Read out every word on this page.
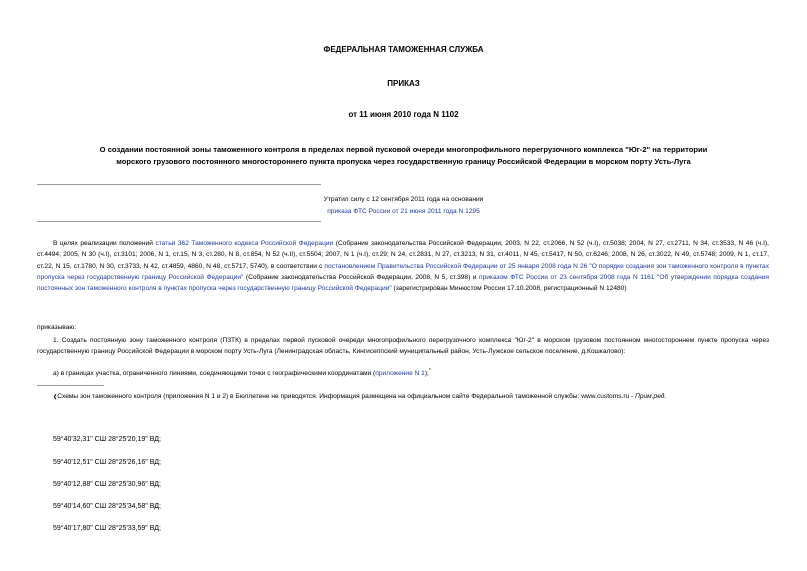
ФЕДЕРАЛЬНАЯ ТАМОЖЕННАЯ СЛУЖБА
ПРИКАЗ
от 11 июня 2010 года N 1102
О создании постоянной зоны таможенного контроля в пределах первой пусковой очереди многопрофильного перегрузочного комплекса "Юг-2" на территории
морского грузового постоянного многостороннего пункта пропуска через государственную границу Российской Федерации в морском порту Усть-Луга
Утратил силу с 12 сентября 2011 года на основании
приказа ФТС России от 21 июня 2011 года N 1295
В целях реализации положений статьи 362 Таможенного кодекса Российской Федерации (Собрание законодательства Российской Федерации, 2003, N 22, ст.2066, N 52 (ч.I), ст.5038; 2004, N 27, ст.2711, N 34, ст.3533, N 46 (ч.I), ст.4494; 2005, N 30 (ч.I), ст.3101; 2006, N 1, ст.15, N 3, ст.280, N 8, ст.854, N 52 (ч.II), ст.5504; 2007, N 1 (ч.I), ст.29; N 24, ст.2831, N 27, ст.3213, N 31, ст.4011, N 45, ст.5417, N 50, ст.6246; 2008, N 26, ст.3022, N 49, ст.5748; 2009, N 1, ст.17, ст.22, N 15, ст.1780, N 30, ст.3733, N 42, ст.4859, 4860, N 48, ст.5717, 5740), в соответствии с постановлением Правительства Российской Федерации от 25 января 2008 года N 26 "О порядке создания зон таможенного контроля в пунктах пропуска через государственную границу Российской Федерации" (Собрание законодательства Российской Федерации, 2008, N 5, ст.398) и приказом ФТС России от 23 сентября 2008 года N 1161 "Об утверждении порядка создания постоянных зон таможенного контроля в пунктах пропуска через государственную границу Российской Федерации" (зарегистрирован Минюстом России 17.10.2008, регистрационный N 12480)
приказываю:
1. Создать постоянную зону таможенного контроля (ПЗТК) в пределах первой пусковой очереди многопрофильного перегрузочного комплекса "Юг-2" в морском грузовом постоянном многостороннем пункте пропуска через государственную границу Российской Федерации в морском порту Усть-Луга (Ленинградская область, Кингисеппский муниципальный район, Усть-Лужское сельское поселение, д.Кошкалово):
а) в границах участка, ограниченного линиями, соединяющими точки с географическими координатами (приложение N 1);*
❰Схемы зон таможенного контроля (приложения N 1 и 2) в Бюллетене не приводятся. Информация размещена на официальном сайте Федеральной таможенной службы: www.customs.ru - Прим.ред.
59°40'32,31" СШ 28°25'20,19" ВД;
59°40'12,51" СШ 28°25'26,16" ВД;
59°40'12,88" СШ 28°25'30,96" ВД;
59°40'14,60" СШ 28°25'34,58" ВД;
59°40'17,80" СШ 28°25'33,59" ВД;
